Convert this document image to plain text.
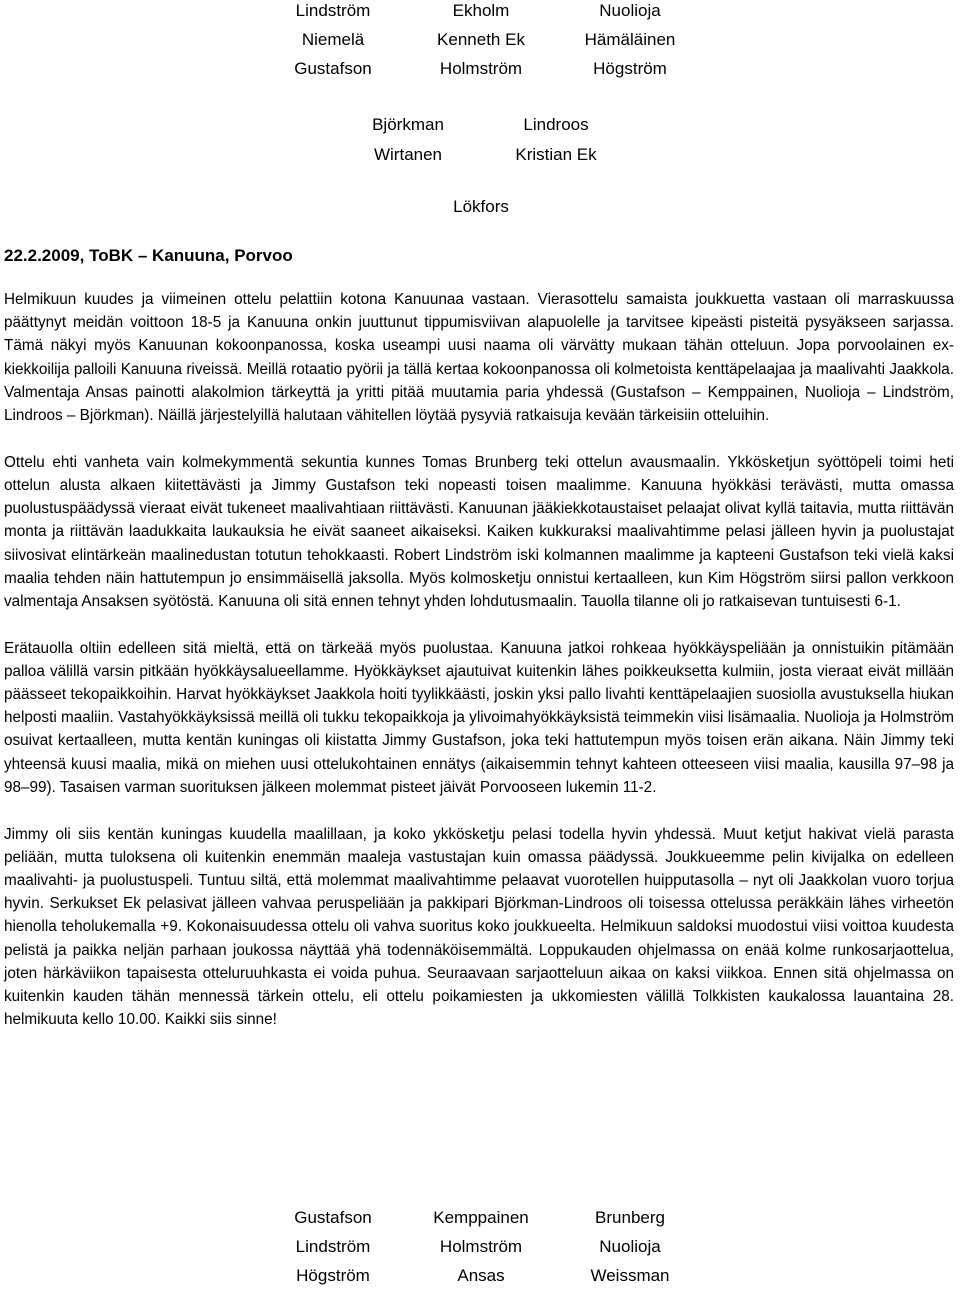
Lindström	Ekholm	Nuolioja
Niemelä	Kenneth Ek	Hämäläinen
Gustafson	Holmström	Högström
Björkman	Lindroos
Wirtanen	Kristian Ek
Lökfors
22.2.2009, ToBK – Kanuuna, Porvoo

Helmikuun kuudes ja viimeinen ottelu pelattiin kotona Kanuunaa vastaan. Vierasottelu samaista joukkuetta vastaan oli marraskuussa päättynyt meidän voittoon 18-5 ja Kanuuna onkin juuttunut tippumisviivan alapuolelle ja tarvitsee kipeästi pisteitä pysyäkseen sarjassa. Tämä näkyi myös Kanuunan kokoonpanossa, koska useampi uusi naama oli värvätty mukaan tähän otteluun. Jopa porvoolainen ex-kiekkoilija palloili Kanuuna riveissä. Meillä rotaatio pyörii ja tällä kertaa kokoonpanossa oli kolmetoista kenttäpelaajaa ja maalivahti Jaakkola. Valmentaja Ansas painotti alakolmion tärkeyttä ja yritti pitää muutamia paria yhdessä (Gustafson – Kemppainen, Nuolioja – Lindström, Lindroos – Björkman). Näillä järjestelyillä halutaan vähitellen löytää pysyviä ratkaisuja kevään tärkeisiin otteluihin.

Ottelu ehti vanheta vain kolmekymmentä sekuntia kunnes Tomas Brunberg teki ottelun avausmaalin. Ykkösketjun syöttöpeli toimi heti ottelun alusta alkaen kiitettävästi ja Jimmy Gustafson teki nopeasti toisen maalimme. Kanuuna hyökkäsi terävästi, mutta omassa puolustuspäädyssä vieraat eivät tukeneet maalivahtiaan riittävästi. Kanuunan jääkiekkotaustaiset pelaajat olivat kyllä taitavia, mutta riittävän monta ja riittävän laadukkaita laukauksia he eivät saaneet aikaiseksi. Kaiken kukkuraksi maalivahtimme pelasi jälleen hyvin ja puolustajat siivosivat elintärkeän maalinedustan totutun tehokkaasti. Robert Lindström iski kolmannen maalimme ja kapteeni Gustafson teki vielä kaksi maalia tehden näin hattutempun jo ensimmäisellä jaksolla. Myös kolmosketju onnistui kertaalleen, kun Kim Högström siirsi pallon verkkoon valmentaja Ansaksen syötöstä. Kanuuna oli sitä ennen tehnyt yhden lohdutusmaalin. Tauolla tilanne oli jo ratkaisevan tuntuisesti 6-1.

Erätauolla oltiin edelleen sitä mieltä, että on tärkeää myös puolustaa. Kanuuna jatkoi rohkeaa hyökkäyspeliään ja onnistuikin pitämään palloa välillä varsin pitkään hyökkäysalueellamme. Hyökkäykset ajautuivat kuitenkin lähes poikkeuksetta kulmiin, josta vieraat eivät millään päässeet tekopaikkoihin. Harvat hyökkäykset Jaakkola hoiti tyylikkäästi, joskin yksi pallo livahti kenttäpelaajien suosiolla avustuksella hiukan helposti maaliin. Vastahyökkäyksissä meillä oli tukku tekopaikkoja ja ylivoimahyökkäyksistä teimmekin viisi lisämaalia. Nuolioja ja Holmström osuivat kertaalleen, mutta kentän kuningas oli kiistatta Jimmy Gustafson, joka teki hattutempun myös toisen erän aikana. Näin Jimmy teki yhteensä kuusi maalia, mikä on miehen uusi ottelukohtainen ennätys (aikaisemmin tehnyt kahteen otteeseen viisi maalia, kausilla 97–98 ja 98–99). Tasaisen varman suorituksen jälkeen molemmat pisteet jäivät Porvooseen lukemin 11-2.

Jimmy oli siis kentän kuningas kuudella maalillaan, ja koko ykkösketju pelasi todella hyvin yhdessä. Muut ketjut hakivat vielä parasta peliään, mutta tuloksena oli kuitenkin enemmän maaleja vastustajan kuin omassa päädyssä. Joukkueemme pelin kivijalka on edelleen maalivahti- ja puolustuspeli. Tuntuu siltä, että molemmat maalivahtimme pelaavat vuorotellen huipputasolla – nyt oli Jaakkolan vuoro torjua hyvin. Serkukset Ek pelasivat jälleen vahvaa peruspeliään ja pakkipari Björkman-Lindroos oli toisessa ottelussa peräkkäin lähes virheetön hienolla teholukemalla +9. Kokonaisuudessa ottelu oli vahva suoritus koko joukkueelta. Helmikuun saldoksi muodostui viisi voittoa kuudesta pelistä ja paikka neljän parhaan joukossa näyttää yhä todennäköisemmältä. Loppukauden ohjelmassa on enää kolme runkosarjaottelua, joten härkäviikon tapaisesta otteluruuhkasta ei voida puhua. Seuraavaan sarjaotteluun aikaa on kaksi viikkoa. Ennen sitä ohjelmassa on kuitenkin kauden tähän mennessä tärkein ottelu, eli ottelu poikamiesten ja ukkomiesten välillä Tolkkisten kaukalossa lauantaina 28. helmikuuta kello 10.00. Kaikki siis sinne!

Gustafson	Kemppainen	Brunberg
Lindström	Holmström	Nuolioja
Högström	Ansas	Weissman
